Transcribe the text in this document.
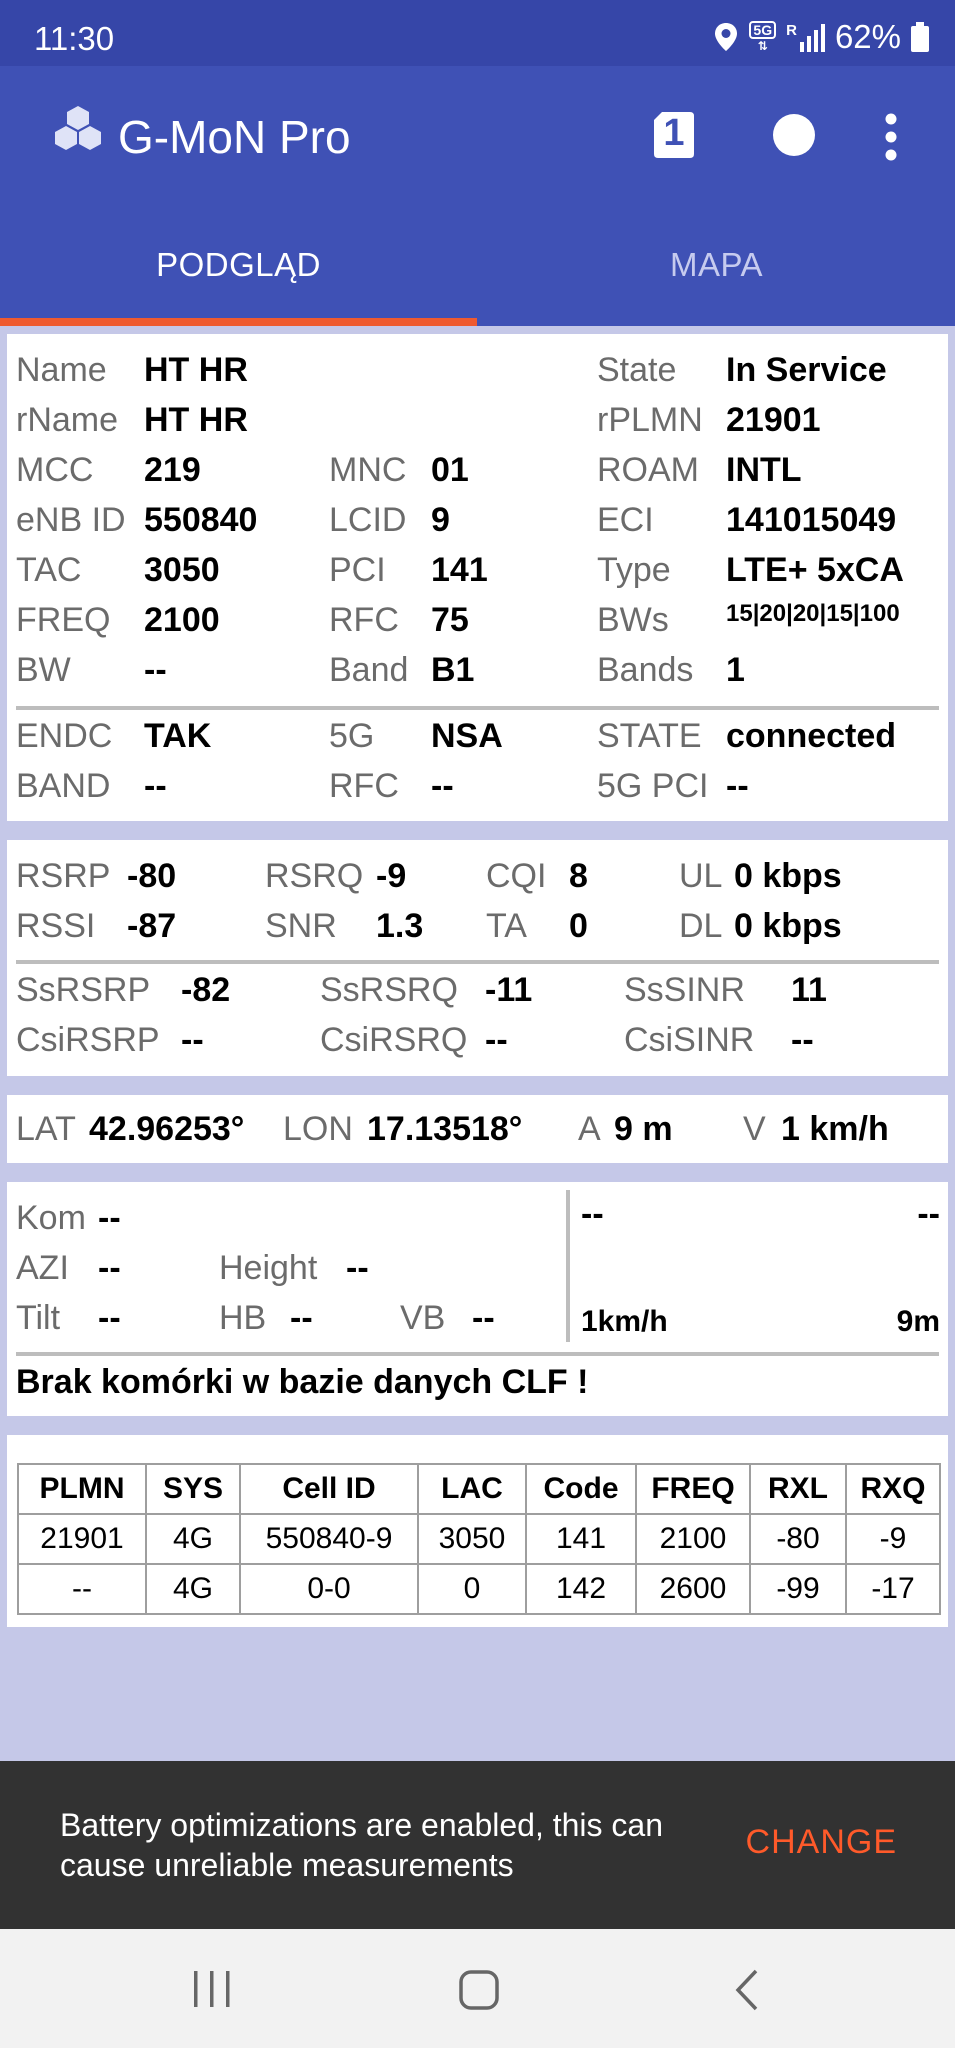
11:30	5G
⇅
R 62%
G-MoN Pro	1
PODGLĄD	MAPA
Name HT HR	State In Service
rName HT HR	rPLMN 21901
MCC 219	MNC 01	ROAM INTL
eNB ID 550840 LCID 9	ECI 141015049
TAC 3050	PCI 141	Type LTE+ 5xCA
FREQ 2100	RFC 75	BWs 15|20|20|15|100
BW --	Band B1	Bands 1
ENDC TAK	5G NSA	STATE connected
BAND --	RFC --	5G PCI --
RSRP -80	RSRQ -9 CQI 8	UL 0 kbps
RSSI -87	SNR 1.3 TA 0	DL 0 kbps
SsRSRP -82	SsRSRQ -11	SsSINR 11
CsiRSRP --	CsiRSRQ --	CsiSINR --
LAT 42.96253° LON 17.13518° A 9 m V 1 km/h
Kom --
AZI --	Height --
Tilt --	HB --	VB --
--	--
1km/h	9m
Brak komórki w bazie danych CLF !
PLMN	SYS	Cell ID	LAC	Code	FREQ	RXL	RXQ
21901	4G	550840-9	3050	141	2100	-80	-9
--	4G	0-0	0	142	2600	-99	-17
Battery optimizations are enabled, this can cause unreliable measurements
CHANGE
